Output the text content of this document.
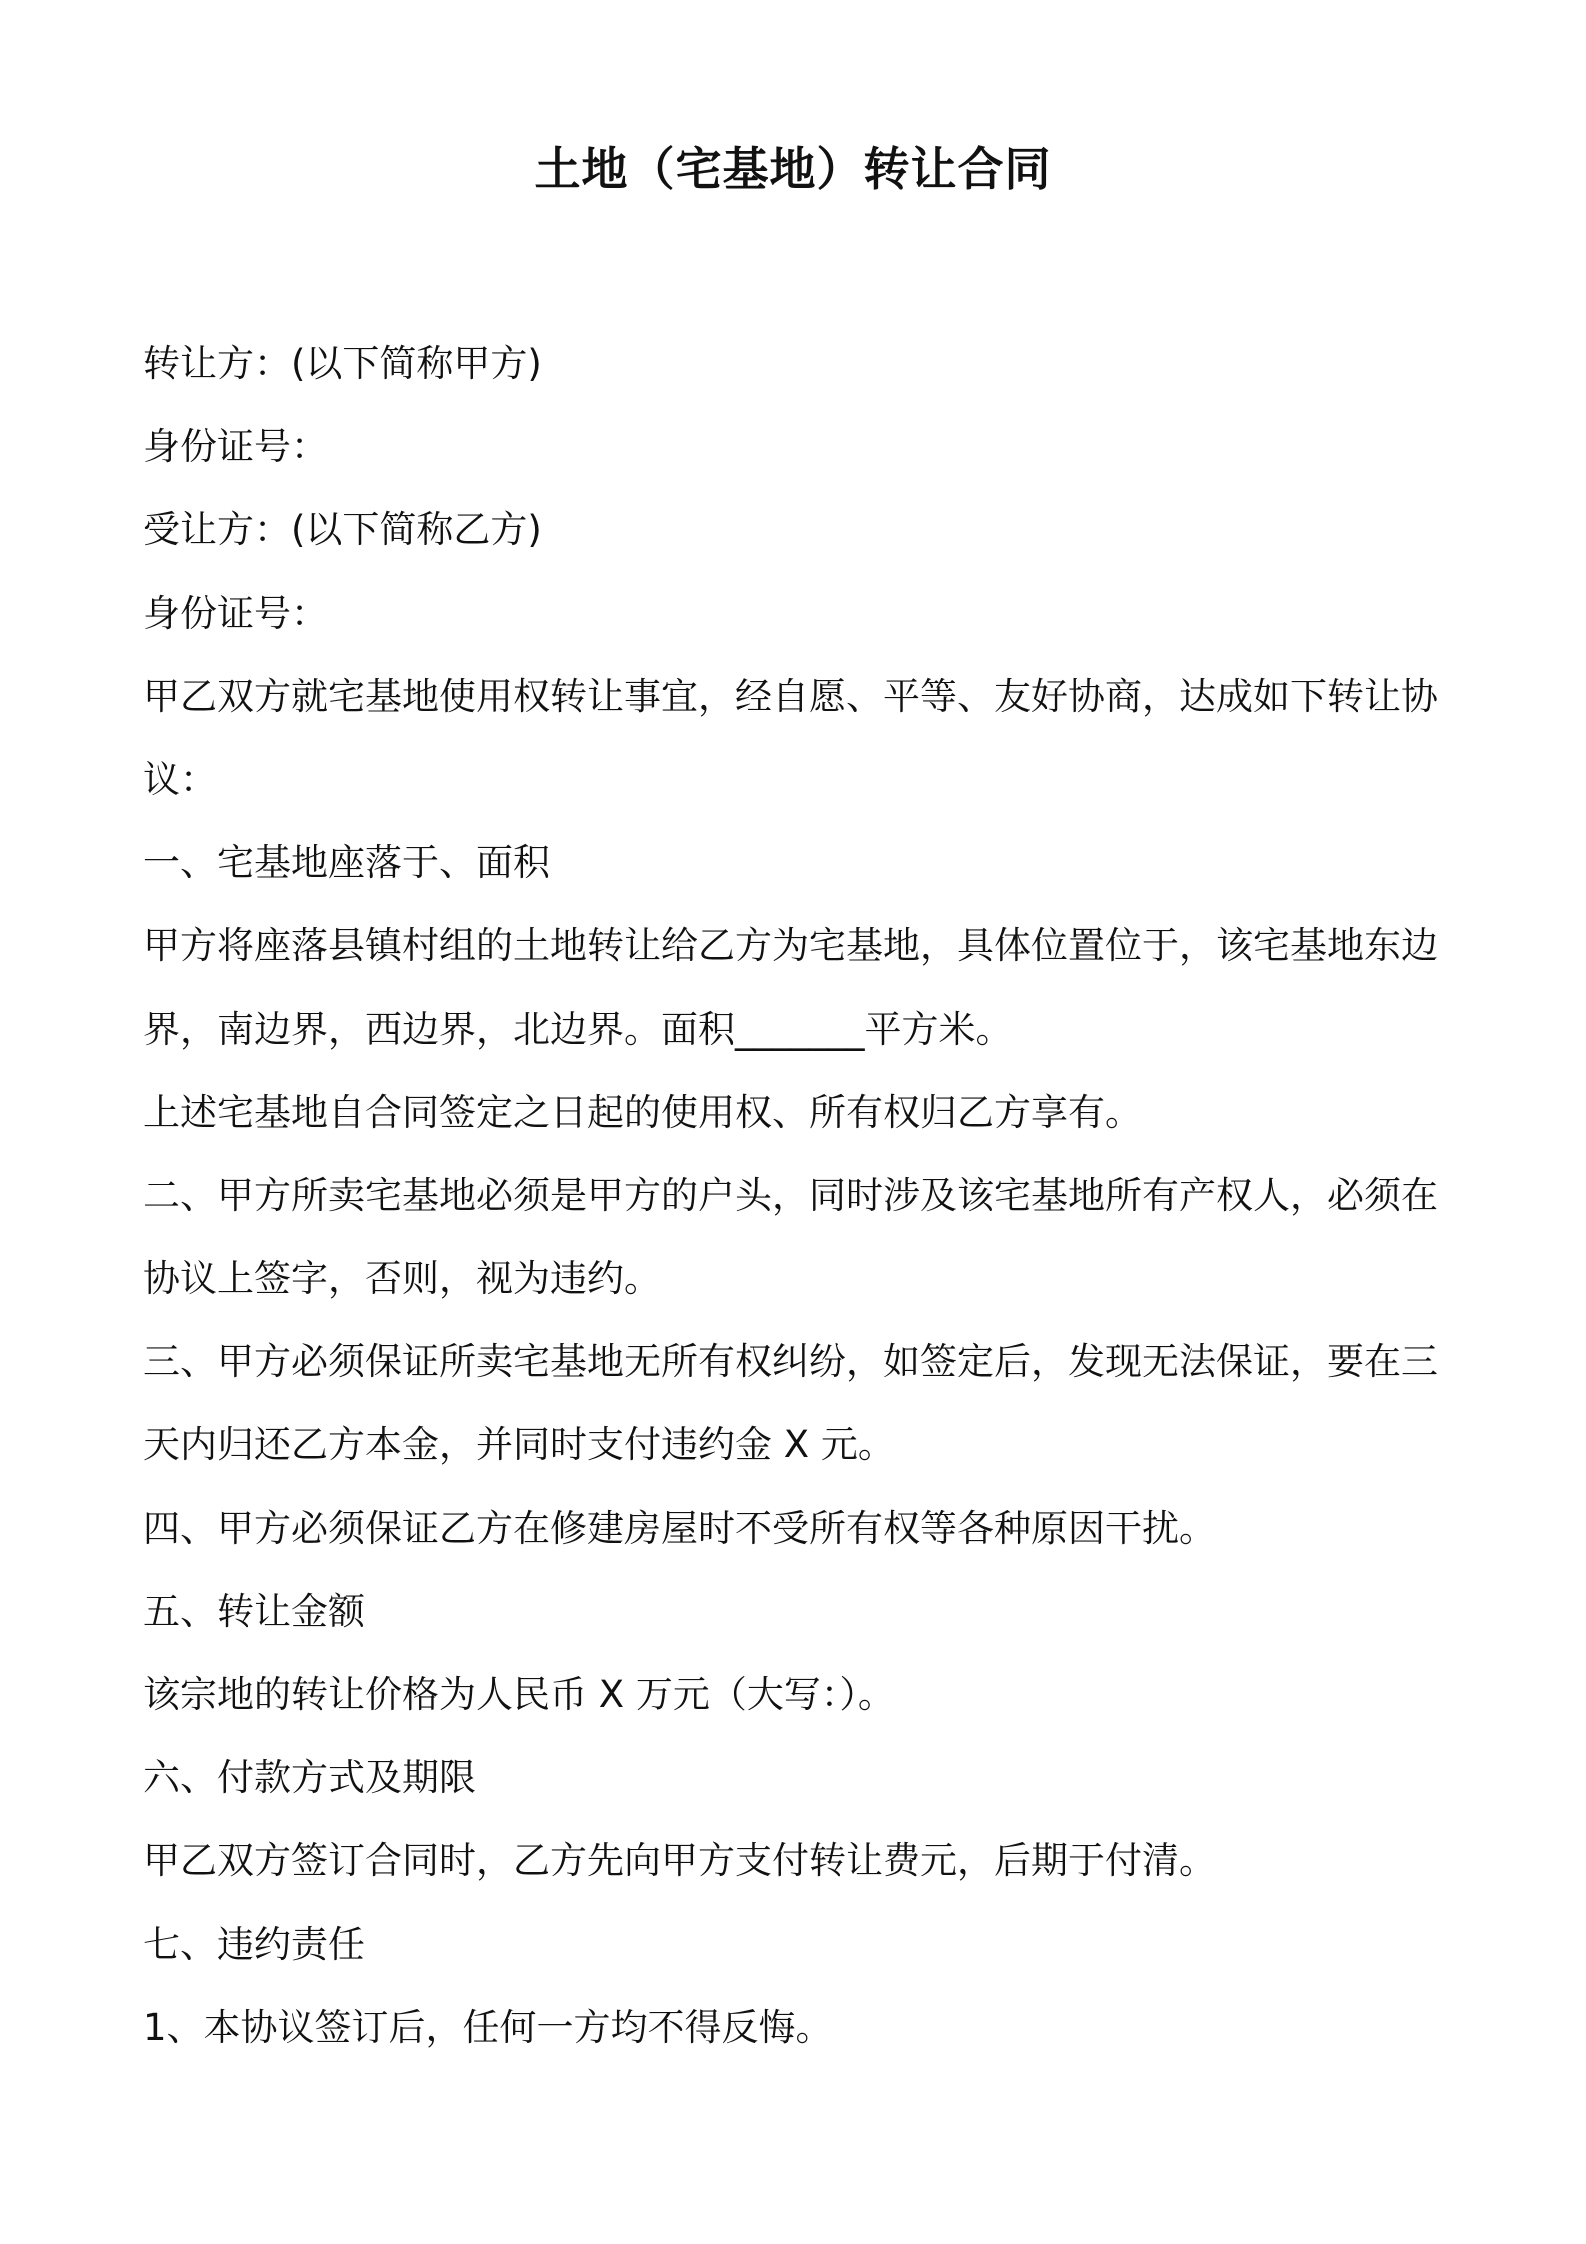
土地（宅基地）转让合同

转让方：(以下简称甲方)

身份证号：

受让方：(以下简称乙方)

身份证号：

甲乙双方就宅基地使用权转让事宜，经自愿、平等、友好协商，达成如下转让协

议：

一、宅基地座落于、面积

甲方将座落县镇村组的土地转让给乙方为宅基地，具体位置位于，该宅基地东边

界，南边界，西边界，北边界。面积_______平方米。

上述宅基地自合同签定之日起的使用权、所有权归乙方享有。

二、甲方所卖宅基地必须是甲方的户头，同时涉及该宅基地所有产权人，必须在

协议上签字，否则，视为违约。

三、甲方必须保证所卖宅基地无所有权纠纷，如签定后，发现无法保证，要在三

天内归还乙方本金，并同时支付违约金 X 元。

四、甲方必须保证乙方在修建房屋时不受所有权等各种原因干扰。

五、转让金额

该宗地的转让价格为人民币 X 万元（大写：）。

六、付款方式及期限

甲乙双方签订合同时，乙方先向甲方支付转让费元，后期于付清。

七、违约责任

1、本协议签订后，任何一方均不得反悔。
